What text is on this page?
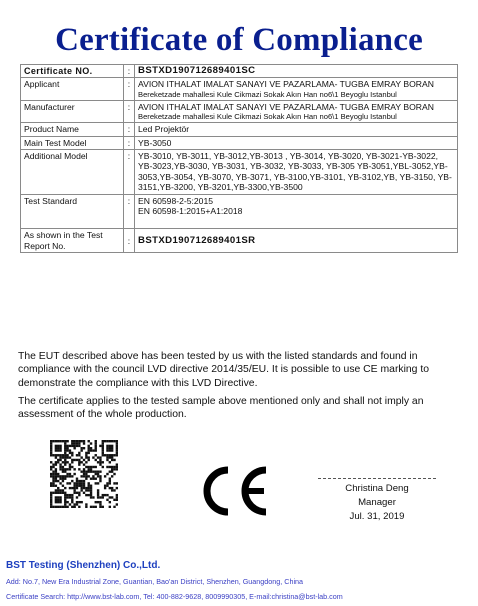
Certificate of Compliance
Certificate NO.	:	BSTXD190712689401SC
Applicant	:	AVION ITHALAT IMALAT SANAYI VE PAZARLAMA- TUGBA EMRAY BORAN
Bereketzade mahallesi Kule Cikmazi Sokak Akın Han no6\1 Beyoglu Istanbul

Manufacturer	:	AVION ITHALAT IMALAT SANAYI VE PAZARLAMA- TUGBA EMRAY BORAN
Bereketzade mahallesi Kule Cikmazi Sokak Akın Han no6\1 Beyoglu Istanbul

Product Name	:	Led Projektör
Main Test Model	:	YB-3050
Additional Model	:	YB-3010, YB-3011, YB-3012,YB-3013 , YB-3014, YB-3020, YB-3021-YB-3022, YB-3023,YB-3030, YB-3031, YB-3032, YB-3033, YB-305 YB-3051,YBL-3052,YB-3053,YB-3054, YB-3070, YB-3071, YB-3100,YB-3101, YB-3102,YB, YB-3150, YB-3151,YB-3200, YB-3201,YB-3300,YB-3500
Test Standard	:	EN 60598-2-5:2015
EN 60598-1:2015+A1:2018

As shown in the Test Report No.	:	BSTXD190712689401SR
The EUT described above has been tested by us with the listed standards and found in compliance with the council LVD directive 2014/35/EU. It is possible to use CE marking to demonstrate the compliance with this LVD Directive.
The certificate applies to the tested sample above mentioned only and shall not imply an assessment of the whole production.
CE
Christina Deng
Manager
Jul. 31, 2019
BST Testing (Shenzhen) Co.,Ltd.
Add: No.7, New Era Industrial Zone, Guantian, Bao'an District, Shenzhen, Guangdong, China
Certificate Search: http://www.bst-lab.com, Tel: 400-882-9628, 8009990305, E-mail:christina@bst-lab.com
